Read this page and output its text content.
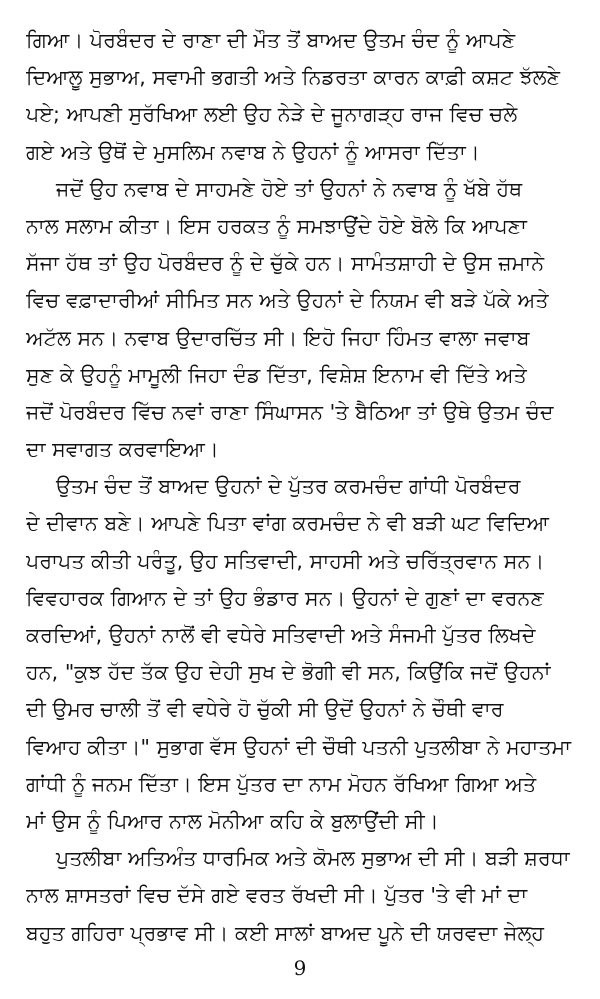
ਗਿਆ। ਪੋਰਬੰਦਰ ਦੇ ਰਾਣਾ ਦੀ ਮੌਤ ਤੋਂ ਬਾਅਦ ਉਤਮ ਚੰਦ ਨੂੰ ਆਪਣੇ
ਦਿਆਲੂ ਸੁਭਾਅ, ਸਵਾਮੀ ਭਗਤੀ ਅਤੇ ਨਿਡਰਤਾ ਕਾਰਨ ਕਾਫ਼ੀ ਕਸ਼ਟ ਝੱਲਣੇ
ਪਏ; ਆਪਣੀ ਸੁਰੱਖਿਆ ਲਈ ਉਹ ਨੇੜੇ ਦੇ ਜੂਨਾਗੜ੍ਹ ਰਾਜ ਵਿਚ ਚਲੇ
ਗਏ ਅਤੇ ਉਥੋਂ ਦੇ ਮੁਸਲਿਮ ਨਵਾਬ ਨੇ ਉਹਨਾਂ ਨੂੰ ਆਸਰਾ ਦਿੱਤਾ।
ਜਦੋਂ ਉਹ ਨਵਾਬ ਦੇ ਸਾਹਮਣੇ ਹੋਏ ਤਾਂ ਉਹਨਾਂ ਨੇ ਨਵਾਬ ਨੂੰ ਖੱਬੇ ਹੱਥ
ਨਾਲ ਸਲਾਮ ਕੀਤਾ। ਇਸ ਹਰਕਤ ਨੂੰ ਸਮਝਾਉਂਦੇ ਹੋਏ ਬੋਲੇ ਕਿ ਆਪਣਾ
ਸੱਜਾ ਹੱਥ ਤਾਂ ਉਹ ਪੋਰਬੰਦਰ ਨੂੰ ਦੇ ਚੁੱਕੇ ਹਨ। ਸਾਮੰਤਸ਼ਾਹੀ ਦੇ ਉਸ ਜ਼ਮਾਨੇ
ਵਿਚ ਵਫ਼ਾਦਾਰੀਆਂ ਸੀਮਿਤ ਸਨ ਅਤੇ ਉਹਨਾਂ ਦੇ ਨਿਯਮ ਵੀ ਬੜੇ ਪੱਕੇ ਅਤੇ
ਅਟੱਲ ਸਨ। ਨਵਾਬ ਉਦਾਰਚਿੱਤ ਸੀ। ਇਹੋ ਜਿਹਾ ਹਿੰਮਤ ਵਾਲਾ ਜਵਾਬ
ਸੁਣ ਕੇ ਉਹਨੂੰ ਮਾਮੂਲੀ ਜਿਹਾ ਦੰਡ ਦਿੱਤਾ, ਵਿਸ਼ੇਸ਼ ਇਨਾਮ ਵੀ ਦਿੱਤੇ ਅਤੇ
ਜਦੋਂ ਪੋਰਬੰਦਰ ਵਿੱਚ ਨਵਾਂ ਰਾਣਾ ਸਿੰਘਾਸਨ 'ਤੇ ਬੈਠਿਆ ਤਾਂ ਉਥੇ ਉਤਮ ਚੰਦ
ਦਾ ਸਵਾਗਤ ਕਰਵਾਇਆ।
ਉਤਮ ਚੰਦ ਤੋਂ ਬਾਅਦ ਉਹਨਾਂ ਦੇ ਪੁੱਤਰ ਕਰਮਚੰਦ ਗਾਂਧੀ ਪੋਰਬੰਦਰ
ਦੇ ਦੀਵਾਨ ਬਣੇ। ਆਪਣੇ ਪਿਤਾ ਵਾਂਗ ਕਰਮਚੰਦ ਨੇ ਵੀ ਬੜੀ ਘਟ ਵਿਦਿਆ
ਪਰਾਪਤ ਕੀਤੀ ਪਰੰਤੂ, ਉਹ ਸਤਿਵਾਦੀ, ਸਾਹਸੀ ਅਤੇ ਚਰਿੱਤ੍ਰਵਾਨ ਸਨ।
ਵਿਵਹਾਰਕ ਗਿਆਨ ਦੇ ਤਾਂ ਉਹ ਭੰਡਾਰ ਸਨ। ਉਹਨਾਂ ਦੇ ਗੁਣਾਂ ਦਾ ਵਰਨਣ
ਕਰਦਿਆਂ, ਉਹਨਾਂ ਨਾਲੋਂ ਵੀ ਵਧੇਰੇ ਸਤਿਵਾਦੀ ਅਤੇ ਸੰਜਮੀ ਪੁੱਤਰ ਲਿਖਦੇ
ਹਨ, "ਕੁਝ ਹੱਦ ਤੱਕ ਉਹ ਦੇਹੀ ਸੁਖ ਦੇ ਭੋਗੀ ਵੀ ਸਨ, ਕਿਉਂਕਿ ਜਦੋਂ ਉਹਨਾਂ
ਦੀ ਉਮਰ ਚਾਲੀ ਤੋਂ ਵੀ ਵਧੇਰੇ ਹੋ ਚੁੱਕੀ ਸੀ ਉਦੋਂ ਉਹਨਾਂ ਨੇ ਚੌਥੀ ਵਾਰ
ਵਿਆਹ ਕੀਤਾ।" ਸੁਭਾਗ ਵੱਸ ਉਹਨਾਂ ਦੀ ਚੌਥੀ ਪਤਨੀ ਪੁਤਲੀਬਾ ਨੇ ਮਹਾਤਮਾ
ਗਾਂਧੀ ਨੂੰ ਜਨਮ ਦਿੱਤਾ। ਇਸ ਪੁੱਤਰ ਦਾ ਨਾਮ ਮੋਹਨ ਰੱਖਿਆ ਗਿਆ ਅਤੇ
ਮਾਂ ਉਸ ਨੂੰ ਪਿਆਰ ਨਾਲ ਮੋਨੀਆ ਕਹਿ ਕੇ ਬੁਲਾਉਂਦੀ ਸੀ।
ਪੁਤਲੀਬਾ ਅਤਿਅੰਤ ਧਾਰਮਿਕ ਅਤੇ ਕੋਮਲ ਸੁਭਾਅ ਦੀ ਸੀ। ਬੜੀ ਸ਼ਰਧਾ
ਨਾਲ ਸ਼ਾਸਤਰਾਂ ਵਿਚ ਦੱਸੇ ਗਏ ਵਰਤ ਰੱਖਦੀ ਸੀ। ਪੁੱਤਰ 'ਤੇ ਵੀ ਮਾਂ ਦਾ
ਬਹੁਤ ਗਹਿਰਾ ਪ੍ਰਭਾਵ ਸੀ। ਕਈ ਸਾਲਾਂ ਬਾਅਦ ਪੂਨੇ ਦੀ ਯਰਵਦਾ ਜੇਲ੍ਹ
9
